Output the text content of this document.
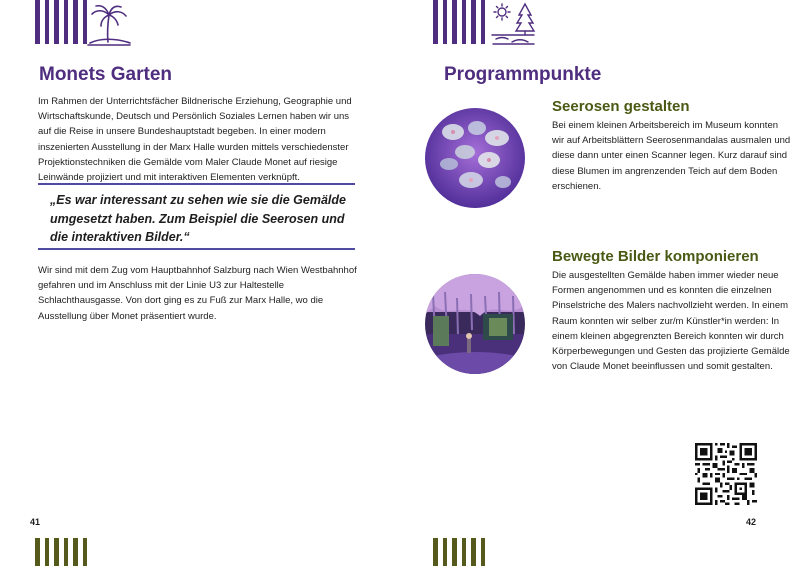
Monets Garten

Im Rahmen der Unterrichtsfächer Bildnerische Erziehung, Geographie und Wirtschaftskunde, Deutsch und Persönlich Soziales Lernen haben wir uns auf die Reise in unsere Bundeshauptstadt begeben. In einer modern inszenierten Ausstellung in der Marx Halle wurden mittels verschiedenster Projektionstechniken die Gemälde vom Maler Claude Monet auf riesige Leinwände projiziert und mit interaktiven Elementen verknüpft.

„Es war interessant zu sehen wie sie die Gemälde umgesetzt haben. Zum Beispiel die Seerosen und die interaktiven Bilder.“

Wir sind mit dem Zug vom Hauptbahnhof Salzburg nach Wien Westbahnhof gefahren und im Anschluss mit der Linie U3 zur Haltestelle Schlachthausgasse. Von dort ging es zu Fuß zur Marx Halle, wo die Ausstellung über Monet präsentiert wurde.

41
Programmpunkte
Seerosen gestalten

Bei einem kleinen Arbeitsbereich im Museum konnten wir auf Arbeitsblättern Seerosenmandalas ausmalen und diese dann unter einen Scanner legen. Kurz darauf sind diese Blumen im angrenzenden Teich auf dem Boden erschienen.

Bewegte Bilder komponieren

Die ausgestellten Gemälde haben immer wieder neue Formen angenommen und es konnten die einzelnen Pinselstriche des Malers nachvollzieht werden. In einem Raum konnten wir selber zur/m Künstler*in werden: In einem kleinen abgegrenzten Bereich konnten wir durch Körperbewegungen und Gesten das projizierte Gemälde von Claude Monet beeinflussen und somit gestalten.

42
